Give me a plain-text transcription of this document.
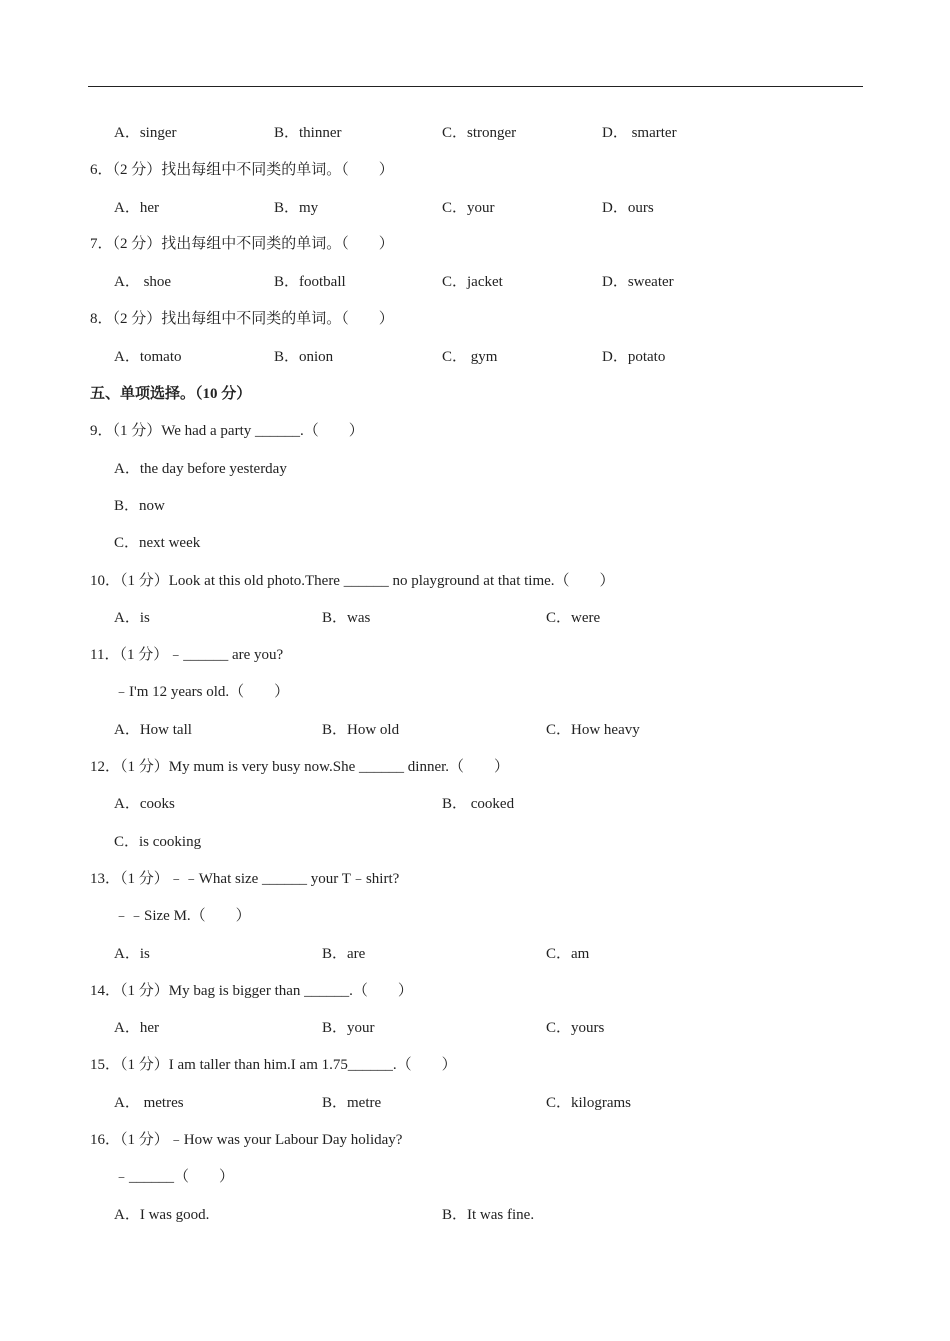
A．singer	B．thinner	C．stronger	D． smarter
6．（2 分）找出每组中不同类的单词。（　　）
A．her	B．my	C．your	D．ours
7．（2 分）找出每组中不同类的单词。（　　）
A． shoe	B．football	C．jacket	D．sweater
8．（2 分）找出每组中不同类的单词。（　　）
A．tomato	B．onion	C． gym	D．potato
五、单项选择。（10 分）
9．（1 分）We had a party ______.（　　）
A．the day before yesterday
B．now
C．next week
10．（1 分）Look at this old photo.There ______ no playground at that time.（　　）
A．is	B．was	C．were
11．（1 分）﹣______ are you?
﹣I'm 12 years old.（　　）
A．How tall	B．How old	C．How heavy
12．（1 分）My mum is very busy now.She ______ dinner.（　　）
A．cooks	B． cooked
C．is cooking
13．（1 分）﹣﹣What size ______ your T﹣shirt?
﹣﹣Size M.（　　）
A．is	B．are	C．am
14．（1 分）My bag is bigger than ______.（　　）
A．her	B．your	C．yours
15．（1 分）I am taller than him.I am 1.75______.（　　）
A． metres	B．metre	C．kilograms
16．（1 分）﹣How was your Labour Day holiday?
﹣______（　　）
A．I was good.	B．It was fine.
